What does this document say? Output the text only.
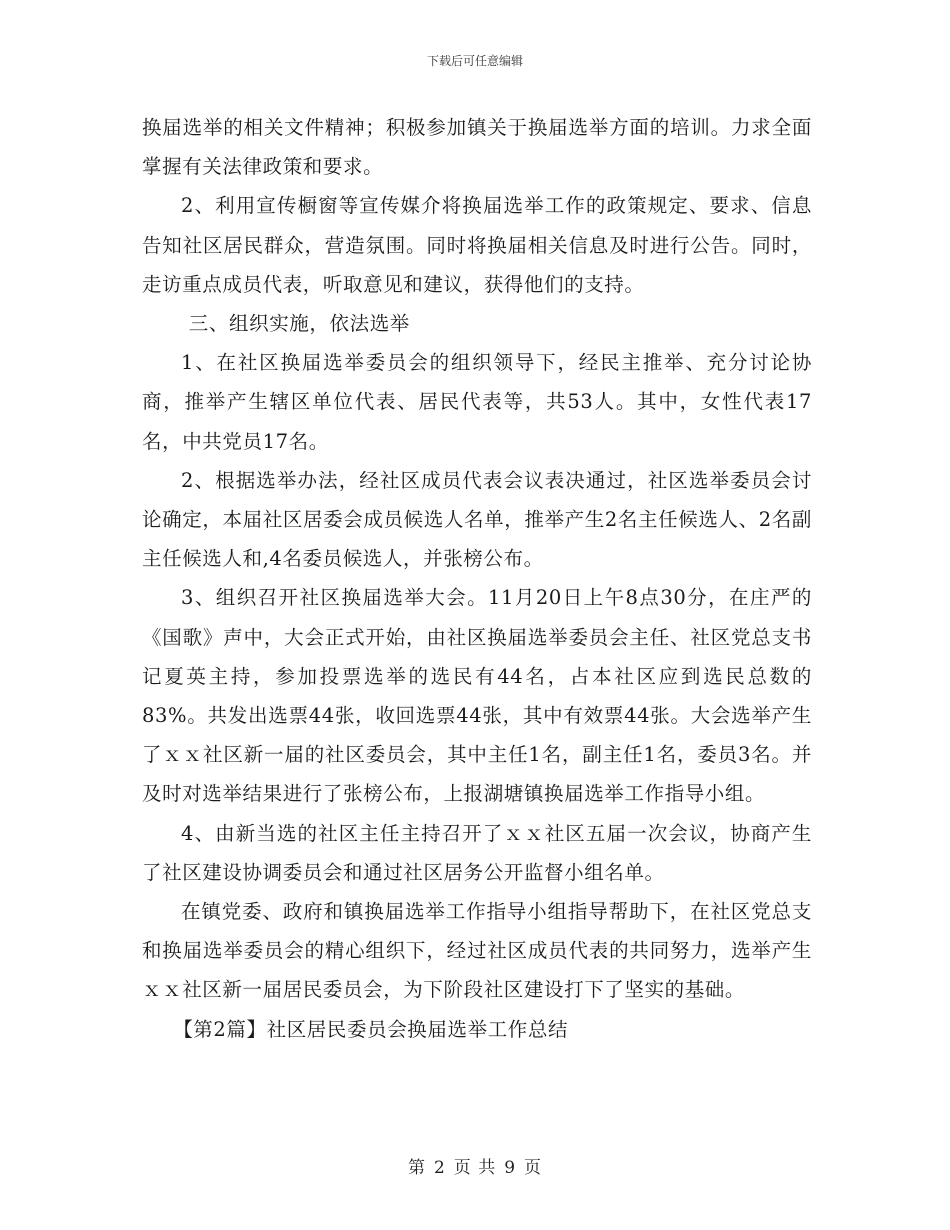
下载后可任意编辑

换届选举的相关文件精神；积极参加镇关于换届选举方面的培训。力求全面掌握有关法律政策和要求。

2、利用宣传橱窗等宣传媒介将换届选举工作的政策规定、要求、信息告知社区居民群众，营造氛围。同时将换届相关信息及时进行公告。同时，走访重点成员代表，听取意见和建议，获得他们的支持。

三、组织实施，依法选举

1、在社区换届选举委员会的组织领导下，经民主推举、充分讨论协商，推举产生辖区单位代表、居民代表等，共53人。其中，女性代表17名，中共党员17名。

2、根据选举办法，经社区成员代表会议表决通过，社区选举委员会讨论确定，本届社区居委会成员候选人名单，推举产生2名主任候选人、2名副主任候选人和,4名委员候选人，并张榜公布。

3、组织召开社区换届选举大会。11月20日上午8点30分，在庄严的《国歌》声中，大会正式开始，由社区换届选举委员会主任、社区党总支书记夏英主持，参加投票选举的选民有44名，占本社区应到选民总数的83%。共发出选票44张，收回选票44张，其中有效票44张。大会选举产生了ｘｘ社区新一届的社区委员会，其中主任1名，副主任1名，委员3名。并及时对选举结果进行了张榜公布，上报湖塘镇换届选举工作指导小组。

4、由新当选的社区主任主持召开了ｘｘ社区五届一次会议，协商产生了社区建设协调委员会和通过社区居务公开监督小组名单。

在镇党委、政府和镇换届选举工作指导小组指导帮助下，在社区党总支和换届选举委员会的精心组织下，经过社区成员代表的共同努力，选举产生ｘｘ社区新一届居民委员会，为下阶段社区建设打下了坚实的基础。

【第2篇】社区居民委员会换届选举工作总结

第 2 页 共 9 页
